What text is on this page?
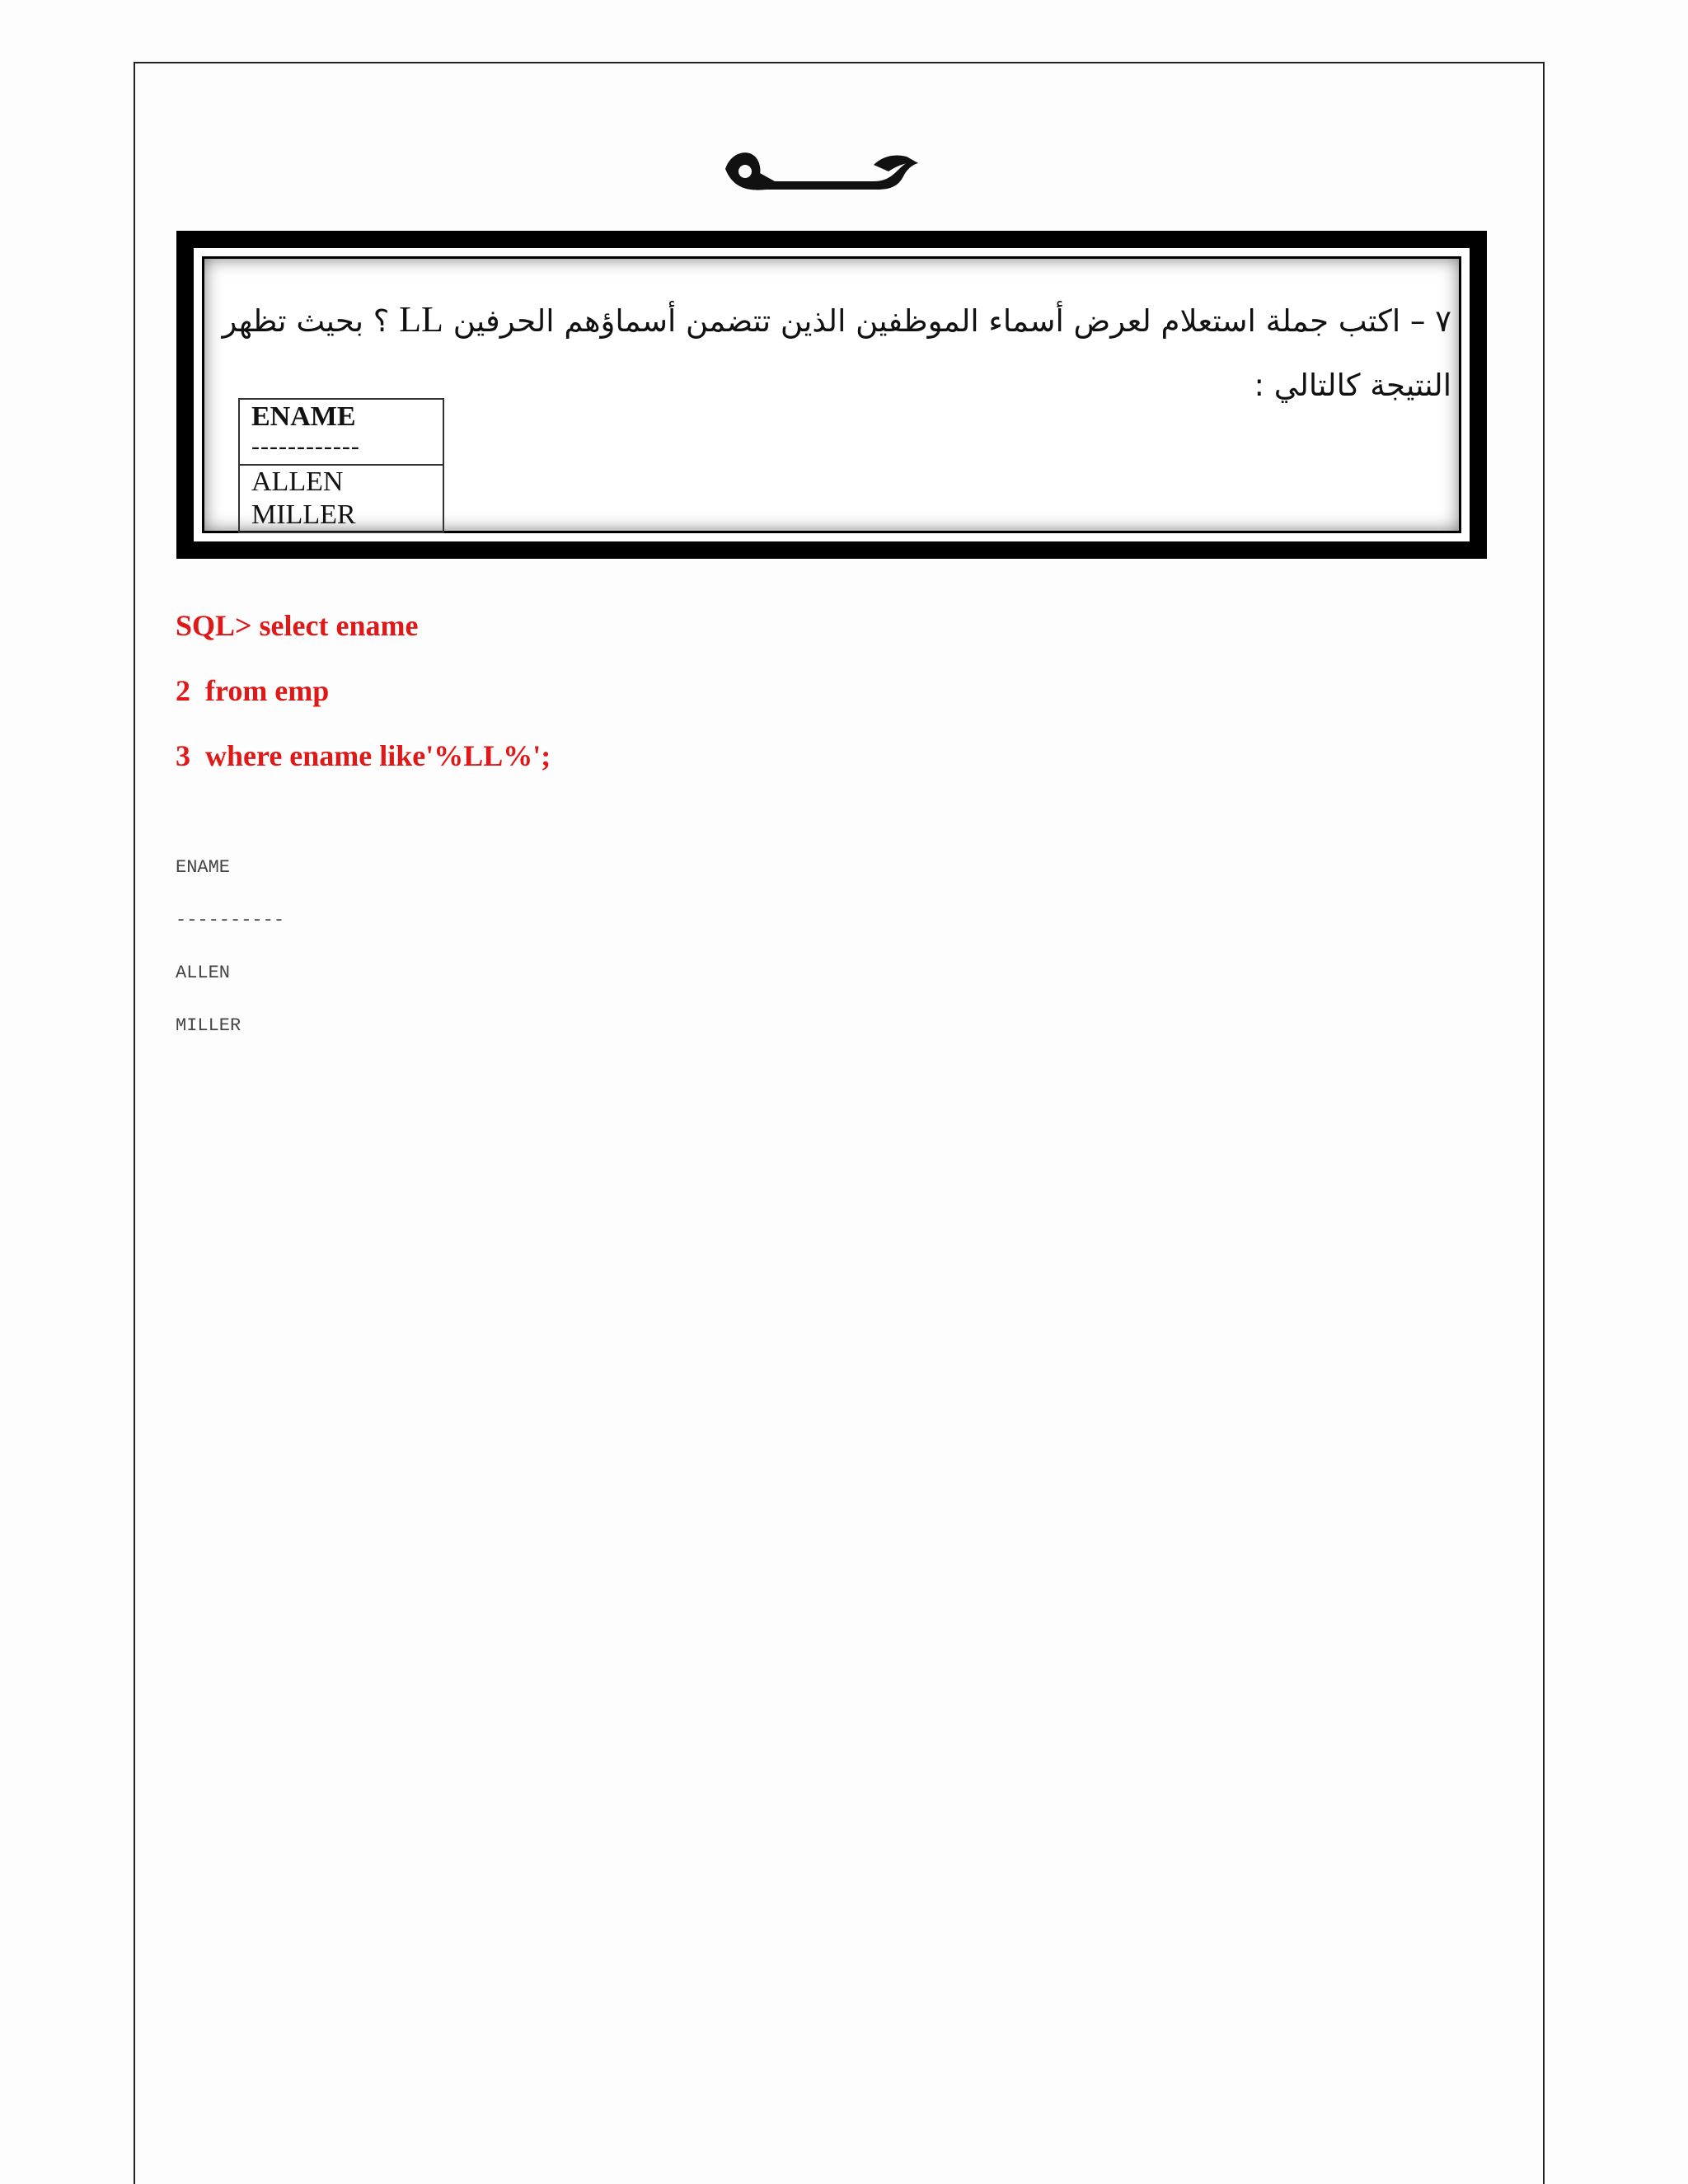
٧ – اكتب جملة استعلام لعرض أسماء الموظفين الذين تتضمن أسماؤهم الحرفين LL ؟ بحيث تظهر
النتيجة كالتالي :
ENAME
------------
ALLEN
MILLER
SQL> select ename
2  from emp
3  where ename like'%LL%';
ENAME
----------
ALLEN
MILLER
